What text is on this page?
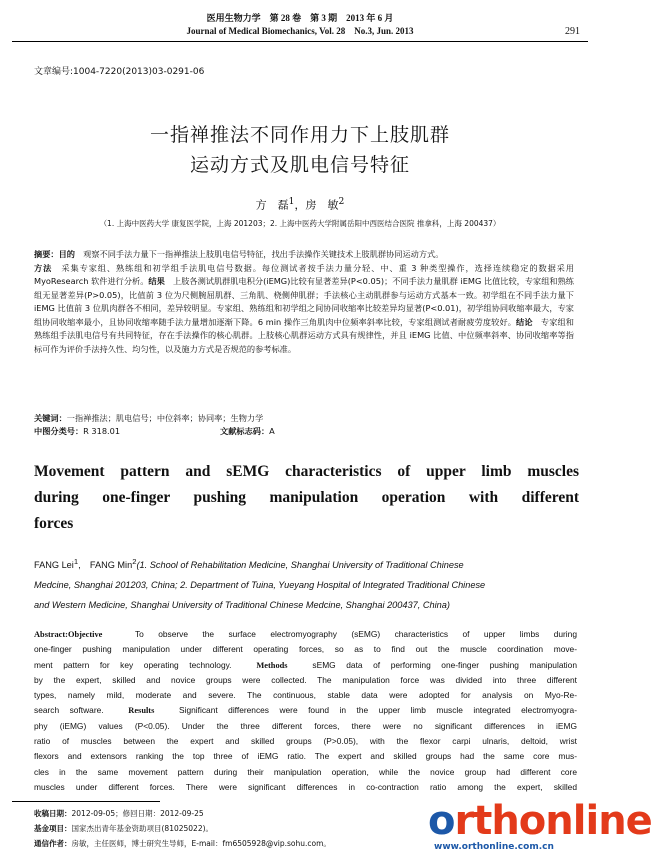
医用生物力学　第 28 卷　第 3 期　2013 年 6 月
Journal of Medical Biomechanics, Vol. 28　No.3, Jun. 2013	291
文章编号:1004-7220(2013)03-0291-06
一指禅推法不同作用力下上肢肌群
运动方式及肌电信号特征
方　磊$^1$，房　敏$^2$
（1. 上海中医药大学 康复医学院，上海 201203；2. 上海中医药大学附属岳阳中西医结合医院 推拿科，上海 200437）
摘要：目的　观察不同手法力量下一指禅推法上肢肌电信号特征，找出手法操作关键技术上肢肌群协同运动方式。
方法　采集专家组、熟练组和初学组手法肌电信号数据。每位测试者按手法力量分轻、中、重 3 种类型操作，选择连续稳定的数据采用 MyoResearch 软件进行分析。结果　上肢各测试肌群肌电积分(iEMG)比较有显著差异(P<0.05)；不同手法力量肌群 iEMG 比值比较，专家组和熟练组无显著差异(P>0.05)，比值前 3 位为尺侧腕屈肌群、三角肌、桡侧伸肌群；手法核心主动肌群参与运动方式基本一致。初学组在不同手法力量下 iEMG 比值前 3 位肌肉群各不相同，差异较明显。专家组、熟练组和初学组之间协同收缩率比较差异均显著(P<0.01)，初学组协同收缩率最大，专家组协同收缩率最小，且协同收缩率随手法力量增加逐渐下降。6 min 操作三角肌肉中位频率斜率比较，专家组测试者耐疲劳度较好。结论　专家组和熟练组手法肌电信号有共同特征，存在手法操作的核心肌群。上肢核心肌群运动方式具有规律性，并且 iEMG 比值、中位频率斜率、协同收缩率等指标可作为评价手法持久性、均匀性，以及施力方式是否规范的参考标准。
关键词：一指禅推法；肌电信号；中位斜率；协同率；生物力学
中图分类号：R 318.01	文献标志码：A
Movement pattern and sEMG characteristics of upper limb muscles
during one-finger pushing manipulation operation with different
forces
FANG Lei$^1$,　FANG Min$^2$(1. School of Rehabilitation Medicine, Shanghai University of Traditional Chinese
Medcine, Shanghai 201203, China; 2. Department of Tuina, Yueyang Hospital of Integrated Traditional Chinese
and Western Medicine, Shanghai University of Traditional Chinese Medcine, Shanghai 200437, China)
Abstract:Objective　To observe the surface electromyography (sEMG) characteristics of upper limbs during
one-finger pushing manipulation under different operating forces, so as to find out the muscle coordination move-
ment pattern for key operating technology.　	Methods　sEMG data of performing one-finger pushing manipulation
by the expert, skilled and novice groups were collected. The manipulation force was divided into three different
types, namely mild, moderate and severe. The continuous, stable data were adopted for analysis on Myo-Re-
search software.　	Results　Significant differences were found in the upper limb muscle integrated electromyogra-
phy (iEMG) values (P<0.05). Under the three different forces, there were no significant differences in iEMG
ratio of muscles between the expert and skilled groups (P>0.05), with the flexor carpi ulnaris, deltoid, wrist
flexors and extensors ranking the top three of iEMG ratio. The expert and skilled groups had the same core mus-
cles in the same movement pattern during their manipulation operation, while the novice group had different core
muscles under different forces. There were significant differences in co-contraction ratio among the expert, skilled
收稿日期：2012-09-05；修回日期：2012-09-25
基金项目：国家杰出青年基金资助项目(81025022)。
通信作者：房敏，主任医师，博士研究生导师，E-mail：fm6505928@vip.sohu.com。 orthonline
www.orthonline.com.cn
